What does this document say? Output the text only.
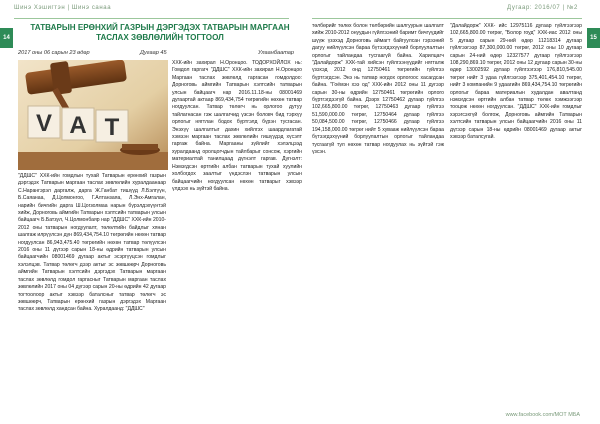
Шинэ Хэшигтэн | Шинэ санаа	Дугаар: 2016/07 | №2
14	15
ТАТВАРЫН ЕРӨНХИЙ ГАЗРЫН ДЭРГЭДЭХ ТАТВАРЫН МАРГААН ТАСЛАХ ЗӨВЛӨЛИЙН ТОГТООЛ
2017 оны 06 сарын 23 өдөр	Дугаар 45	Улаанбаатар
V A T

"ДДШС" ХХК-ийн гомдлын тухай Татварын ерөнхий газрын дэргэдэх Татварын маргаан таслах зөвлөлийн хуралдаанаар С.Нарангэрэл даргалж, дарга Ж.Ганбат тишүүд Л.Бэлгүүн, Б.Саяанаа, Д.Цолмонгоо, Г.Алтанзаяа, Л.Энх-Амгалан, нарийн бичгийн дарга Ш.Цогзолмаа нарын бүрэлдэхүүнтэй хийж, Дорноговь аймгийн Татварын хэлтсийн татварын улсын байцаагч Б.Батзул, Ч.Цолмонбаяр нар "ДДШС" ХХК-ийн 2010-2012 оны татварын ногдуулалт, төлөлтийн байдлыг хянан шалгаж илрүүлсэн дүн 869,434,754.10 төгрөгийн нөхөн татвар ногдуулсан 86,943,475.40 төгрөгийн нөхөн татвар төлүүлсэн 2016 оны 11 дүгээр сарын 18-ны өдрийн татварын улсын байцаагчийн 08001469 дугаар актыг эсэргүүцсэн гомдлыг хэлэлцэв. Татвар төлөгч дээр актыг эс зөвшөөрч Дорноговь аймгийн Татварын хэлтсийн дэргэдэх Татварын маргаан таслах зөвлөлд гомдол гаргасныг Татварын маргаан таслах зөвлөлийн 2017 оны 04 дүгээр сарын 20-ны өдрийн 42 дугаар тогтоолоор актыг хэвээр баталсныг татвар төлөгч эс зөвшөөрч, Татварын ерөнхий газрын дэргэдэх Маргаан таслах зөвлөлд хандсан байна. Хуралдаанд: "ДДШС"

ХХК-ийн захирал Н.Оронцоо. ТОДОРХОЙЛОХ нь: Гомдол гаргагч "ДДШС" ХХК-ийн захирал Н.Оронцоо Маргаан таслах зөвлөлд гаргасан гомдолдоо: Дорноговь аймгийн Татварын хэлтсийн татварын улсын байцаагч нар 2016.11.18-ны 08001469 дугаартай актаар 869,434,754 төгрөгийн нөхөн татвар ногдуулсан. Татвар төлөгч нь орлогоо дутуу тайлагнасан гэж шалгагчид үзсэн боловч бид тэрхүү орлогыг нягтлан бодох бүртгэлд бүрэн тусгасан. Энэхүү шалгалтыг дахин хийлгэх шаардлагатай хэмээн маргаан таслах зөвлөлийн гишүүдэд хүсэлт гаргаж байна. Маргааны зүйлийг хэлэлцээд хуралдаанд оролцогчдын тайлбарыг сонсож, хэргийн материалтай танилцаад дүгнэлт гаргав. Дүгнэлт: Нэмэгдсэн өртгийн албан татварын тухай хуулийн холбогдох заалтыг үндэслэн татварын улсын байцаагчийн ногдуулсан нөхөн татварыг хэвээр үлдээх нь зүйтэй байна.

төлбөрийг төлөх болон төлбөрийн шалгуурын шалгалт хийж 2010-2012 онуудын гүйлгээний баримт бичгүүдийг шүүж үзэхэд Дорноговь аймагт байгуулсан гэрээний дагуу нийлүүлсэн бараа бүтээгдэхүүний борлуулалтын орлогыг тайландаа тусгаагүй байна. Харилцагч "Далайдорж" ХХК-тай хийсэн гүйлгээнүүдийг нягталж үзэхэд 2012 онд 12750461 төгрөгийн гүйлгээ бүртгэгдсэн. Энэ нь татвар ногдох орлогоос хасагдсан байна. "Гоёмэн хээ од" ХХК-ийн 2012 оны 11 дүгээр сарын 30-ны өдрийн 12750461 төгрөгийн орлого бүртгэгдээгүй байна. Дээрх 12750462 дугаар гүйлгээ 102,665,800.00 төгрөг, 12750463 дугаар гүйлгээ 51,590,000.00 төгрөг, 12750464 дугаар гүйлгээ 50,084,500.00 төгрөг, 12750466 дугаар гүйлгээ 194,158,000.00 төгрөг нийт 5 хувааж нийлүүлсэн бараа бүтээгдэхүүний борлуулалтын орлогыг тайландаа тусгаагүй тул нөхөн татвар ногдуулах нь зүйтэй гэж үзсэн.

"Далайдорж" ХХК- ийс 12975116 дугаар гүйлгээгээр 102,665,800.00 төгрөг, "Болор гоуд" ХХК-иас 2012 оны 5 дугаар сарын 29-ний өдөр 11218314 дугаар гүйлгээгээр 87,300,000.00 төгрөг, 2012 оны 10 дугаар сарын 24-ний өдөр 12327577 дугаар гүйлгээгээр 108,290,869.10 төгрөг, 2012 оны 12 дугаар сарын 30-ны өдөр 13002592 дугаар гүйлгээгээр 176,810,545.00 төгрөг нийт 3 удаа гүйлгээгээр 375,401,454.10 төгрөг, нийт 3 компанийн 9 удаагийн 869,434,754.10 төгрөгийн орлогыг бараа материалын худалдан авалтанд нэмэгдсэн өртгийн албан татвар төлөх хэмжээгээр тооцож нөхөн ногдуулсан. "ДДШС" ХХК-ийн гомдлыг хэрэгсэхгүй болгож, Дорноговь аймгийн Татварын хэлтсийн татварын улсын байцаагчийн 2016 оны 11 дүгээр сарын 18-ны өдрийн 08001469 дугаар актыг хэвээр баталсугай.

www.facebook.com/МОТ МБА
